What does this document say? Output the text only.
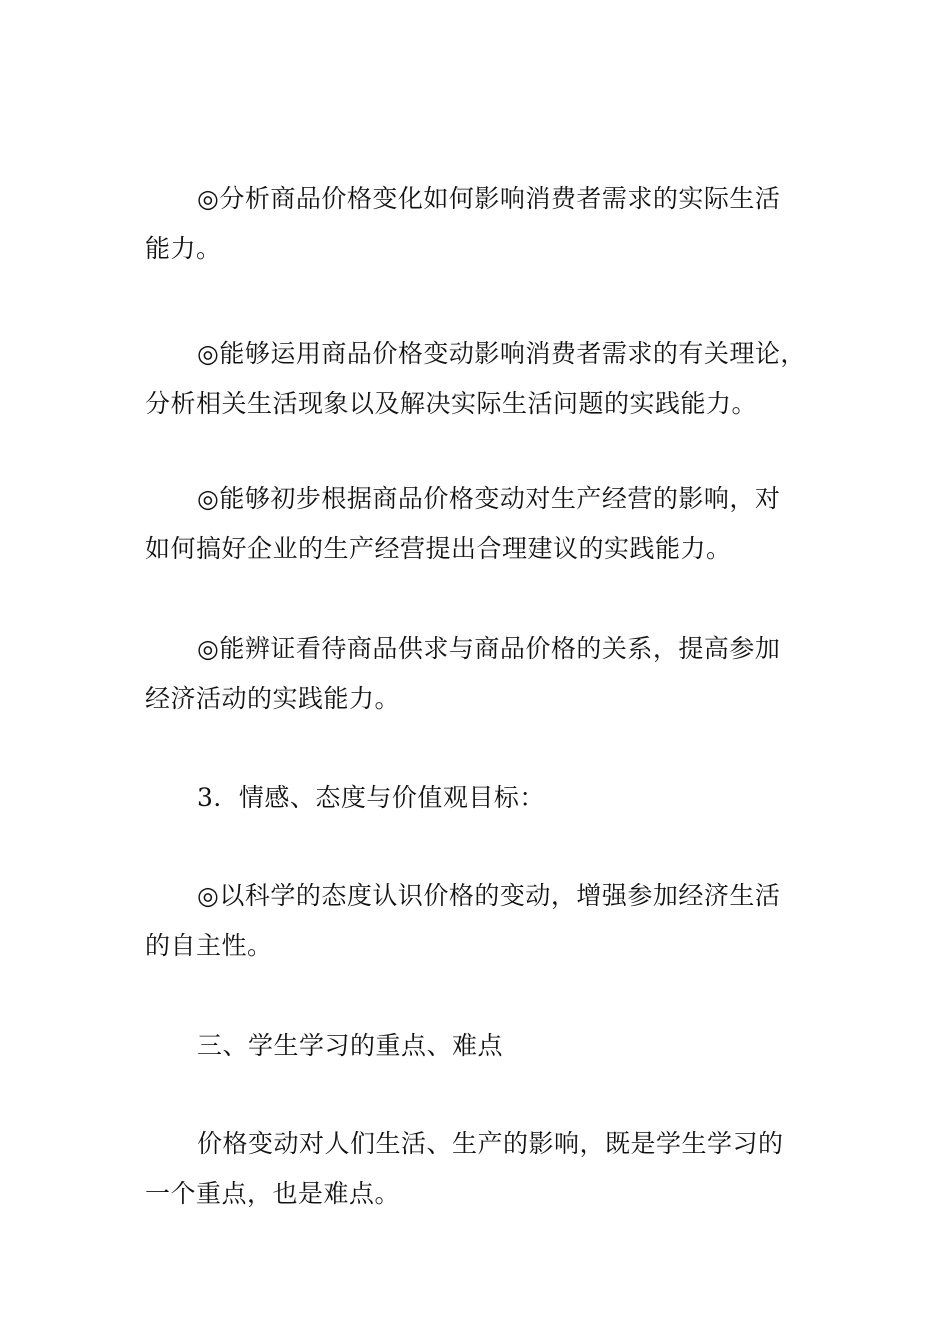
◎分析商品价格变化如何影响消费者需求的实际生活
能力。
◎能够运用商品价格变动影响消费者需求的有关理论，
分析相关生活现象以及解决实际生活问题的实践能力。
◎能够初步根据商品价格变动对生产经营的影响，对
如何搞好企业的生产经营提出合理建议的实践能力。
◎能辨证看待商品供求与商品价格的关系，提高参加
经济活动的实践能力。
3．情感、态度与价值观目标：
◎以科学的态度认识价格的变动，增强参加经济生活
的自主性。
三、学生学习的重点、难点
价格变动对人们生活、生产的影响，既是学生学习的
一个重点，也是难点。
